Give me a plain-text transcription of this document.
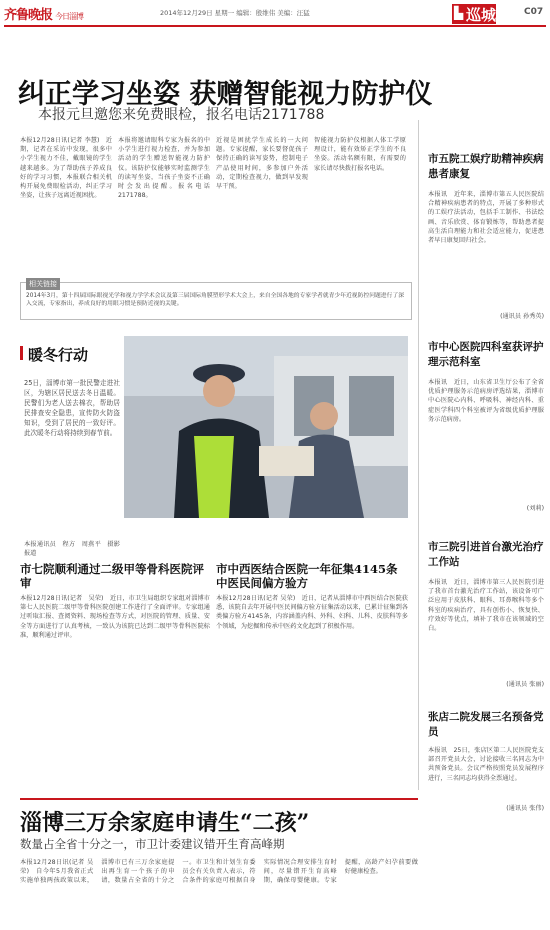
齐鲁晚报 今日淄博	2014年12月29日 星期一 编辑：殷维伟 美编：汪猛	▙ 巡城	C07
纠正学习坐姿 获赠智能视力防护仪
本报元旦邀您来免费眼检，报名电话2171788
本报12月28日讯(记者 李慧)　近期，记者在采访中发现，很多中小学生视力不佳，戴眼镜的学生越来越多。为了帮助孩子养成良好的学习习惯，本报联合相关机构开展免费眼检活动，纠正学习坐姿，让孩子远离近视困扰。
本报将邀请眼科专家为报名的中小学生进行视力检查，并为参加活动的学生赠送智能视力防护仪。该防护仪能够实时监测学生的读写坐姿，当孩子坐姿不正确时会发出提醒。报名电话2171788。
近视是困扰学生成长的一大问题。专家提醒，家长要督促孩子保持正确的读写姿势，控制电子产品使用时间，多参加户外活动，定期检查视力，做到早发现早干预。
智能视力防护仪根据人体工学原理设计，能有效矫正学生的不良坐姿。活动名额有限，有需要的家长请尽快拨打报名电话。
相关链接
2014年3月，第十四届国际眼视光学和视力学学术会议及第三届国际角膜塑形学术大会上，来自全国各地的专家学者就青少年近视防控问题进行了深入交流，专家指出，养成良好的用眼习惯是预防近视的关键。
暖冬行动
25日，淄博市第一批民警走进社区，为辖区居民送去冬日温暖。民警们为老人送去棉衣，帮助居民排查安全隐患，宣传防火防盗知识，受到了居民的一致好评。此次暖冬行动将持续到春节前。
本报通讯员　程方　周燕平　摄影报道
市七院顺利通过二级甲等骨科医院评审
本报12月28日讯(记者　吴荣)　近日，市卫生局组织专家组对淄博市第七人民医院二级甲等骨科医院创建工作进行了全面评审。专家组通过听取汇报、查阅资料、现场检查等方式，对医院的管理、质量、安全等方面进行了认真考核，一致认为该院已达到二级甲等骨科医院标准，顺利通过评审。
市中西医结合医院一年征集4145条中医民间偏方验方
本报12月28日讯(记者 吴荣)　近日，记者从淄博市中西医结合医院获悉，该院自去年开展中医民间偏方验方征集活动以来，已累计征集到各类偏方验方4145条，内容涵盖内科、外科、妇科、儿科、皮肤科等多个领域，为挖掘和传承中医药文化起到了积极作用。
市五院工娱疗助精神疾病患者康复
本报讯　近年来，淄博市第五人民医院结合精神疾病患者的特点，开展了多种形式的工娱疗法活动，包括手工制作、书法绘画、音乐欣赏、体育锻炼等，帮助患者提高生活自理能力和社会适应能力，促进患者早日康复回归社会。
(通讯员 孙秀英)
市中心医院四科室获评护理示范科室
本报讯　近日，山东省卫生厅公布了全省优质护理服务示范病房评选结果，淄博市中心医院心内科、呼吸科、神经内科、重症医学科四个科室被评为省级优质护理服务示范病房。
(刘莉)
市三院引进首台激光治疗工作站
本报讯　近日，淄博市第三人民医院引进了我市首台激光治疗工作站，该设备可广泛应用于皮肤科、眼科、耳鼻喉科等多个科室的疾病治疗，具有创伤小、恢复快、疗效好等优点，填补了我市在该领域的空白。
(通讯员 张丽)
张店二院发展三名预备党员
本报讯　25日，张店区第二人民医院党支部召开党员大会，讨论接收三名同志为中共预备党员。会议严格按照党员发展程序进行，三名同志均获得全票通过。
(通讯员 张伟)
淄博三万余家庭申请生“二孩”
数量占全省十分之一，市卫计委建议错开生育高峰期
本报12月28日讯(记者 吴荣)　自今年5月我省正式实施单独两孩政策以来，淄博市已有三万余家庭提出再生育一个孩子的申请，数量占全省的十分之一。市卫生和计划生育委员会有关负责人表示，符合条件的家庭可根据自身实际情况合理安排生育时间，尽量错开生育高峰期，确保母婴健康。专家提醒，高龄产妇孕前要做好健康检查。
